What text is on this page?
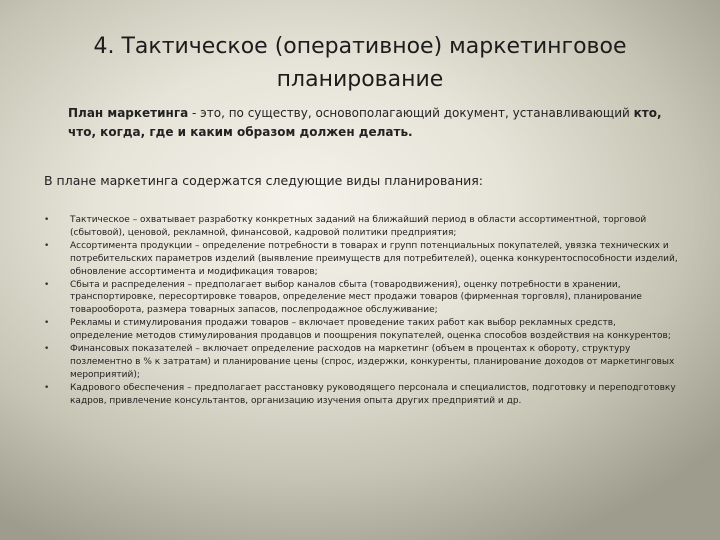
4. Тактическое (оперативное) маркетинговое планирование

План маркетинга - это, по существу, основополагающий документ, устанавливающий кто, что, когда, где и каким образом должен делать.

В плане маркетинга содержатся следующие виды планирования:

•	Тактическое – охватывает разработку конкретных заданий на ближайший период в области ассортиментной, торговой (сбытовой), ценовой, рекламной, финансовой, кадровой политики предприятия;
•	Ассортимента продукции – определение потребности в товарах и групп потенциальных покупателей, увязка технических и потребительских параметров изделий (выявление преимуществ для потребителей), оценка конкурентоспособности изделий, обновление ассортимента и модификация товаров;
•	Сбыта и распределения – предполагает выбор каналов сбыта (товародвижения), оценку потребности в хранении, транспортировке, пересортировке товаров, определение мест продажи товаров (фирменная торговля), планирование товарооборота, размера товарных запасов, послепродажное обслуживание;
•	Рекламы и стимулирования продажи товаров – включает проведение таких работ как выбор рекламных средств, определение методов стимулирования продавцов и поощрения покупателей, оценка способов воздействия на конкурентов;
•	Финансовых показателей – включает определение расходов на маркетинг (объем в процентах к обороту, структуру позлементно в % к затратам) и планирование цены (спрос, издержки, конкуренты, планирование доходов от маркетинговых мероприятий);
•	Кадрового обеспечения – предполагает расстановку руководящего персонала и специалистов, подготовку и переподготовку кадров, привлечение консультантов, организацию изучения опыта других предприятий и др.
